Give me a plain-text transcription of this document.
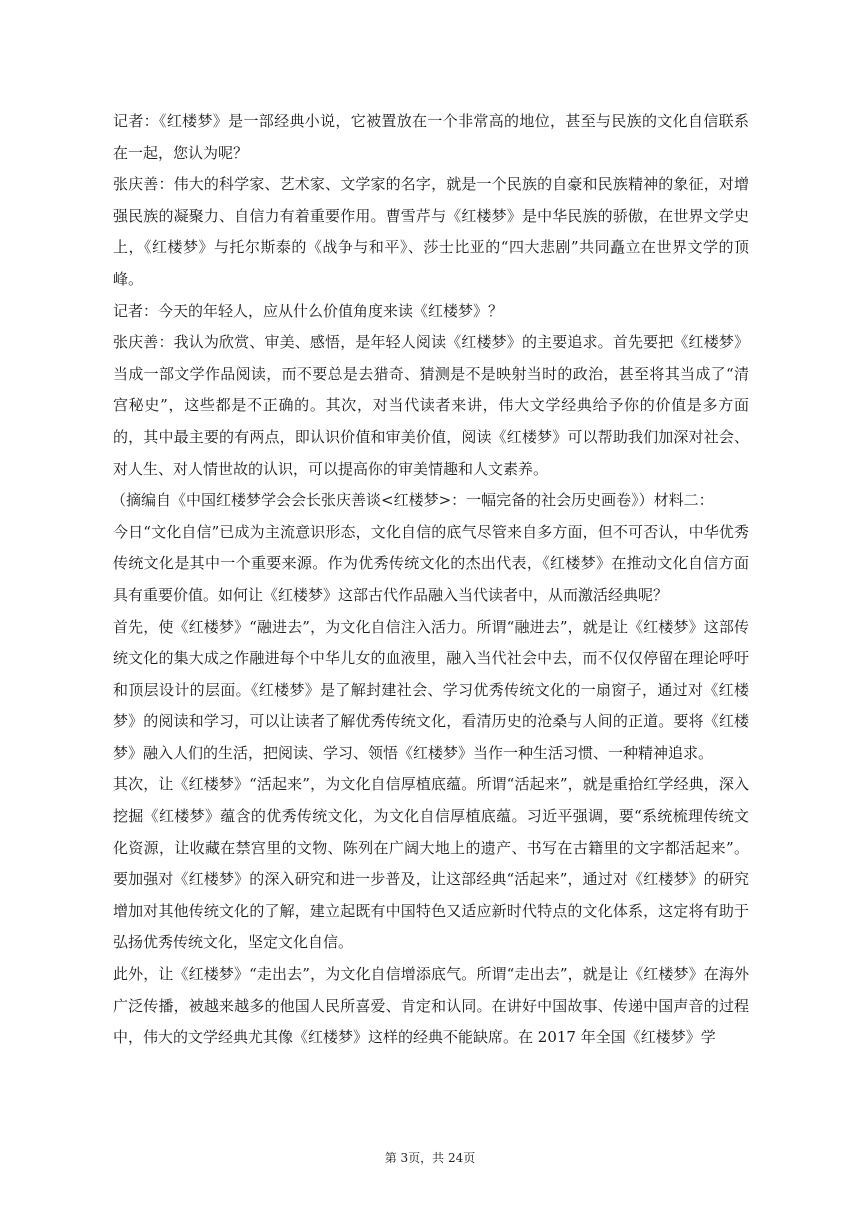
记者：《红楼梦》是一部经典小说，它被置放在一个非常高的地位，甚至与民族的文化自信联系在一起，您认为呢？

张庆善：伟大的科学家、艺术家、文学家的名字，就是一个民族的自豪和民族精神的象征，对增强民族的凝聚力、自信力有着重要作用。曹雪芹与《红楼梦》是中华民族的骄傲，在世界文学史上，《红楼梦》与托尔斯泰的《战争与和平》、莎士比亚的“四大悲剧”共同矗立在世界文学的顶峰。

记者：今天的年轻人，应从什么价值角度来读《红楼梦》？

张庆善：我认为欣赏、审美、感悟，是年轻人阅读《红楼梦》的主要追求。首先要把《红楼梦》当成一部文学作品阅读，而不要总是去猎奇、猜测是不是映射当时的政治，甚至将其当成了“清宫秘史”，这些都是不正确的。其次，对当代读者来讲，伟大文学经典给予你的价值是多方面的，其中最主要的有两点，即认识价值和审美价值，阅读《红楼梦》可以帮助我们加深对社会、对人生、对人情世故的认识，可以提高你的审美情趣和人文素养。

（摘编自《中国红楼梦学会会长张庆善谈<红楼梦>：一幅完备的社会历史画卷》）材料二：

今日“文化自信”已成为主流意识形态，文化自信的底气尽管来自多方面，但不可否认，中华优秀传统文化是其中一个重要来源。作为优秀传统文化的杰出代表，《红楼梦》在推动文化自信方面具有重要价值。如何让《红楼梦》这部古代作品融入当代读者中，从而激活经典呢？

首先，使《红楼梦》“融进去”，为文化自信注入活力。所谓“融进去”，就是让《红楼梦》这部传统文化的集大成之作融进每个中华儿女的血液里，融入当代社会中去，而不仅仅停留在理论呼吁和顶层设计的层面。《红楼梦》是了解封建社会、学习优秀传统文化的一扇窗子，通过对《红楼梦》的阅读和学习，可以让读者了解优秀传统文化，看清历史的沧桑与人间的正道。要将《红楼梦》融入人们的生活，把阅读、学习、领悟《红楼梦》当作一种生活习惯、一种精神追求。

其次，让《红楼梦》“活起来”，为文化自信厚植底蕴。所谓“活起来”，就是重拾红学经典，深入挖掘《红楼梦》蕴含的优秀传统文化，为文化自信厚植底蕴。习近平强调，要“系统梳理传统文化资源，让收藏在禁宫里的文物、陈列在广阔大地上的遗产、书写在古籍里的文字都活起来”。要加强对《红楼梦》的深入研究和进一步普及，让这部经典“活起来”，通过对《红楼梦》的研究增加对其他传统文化的了解，建立起既有中国特色又适应新时代特点的文化体系，这定将有助于弘扬优秀传统文化，坚定文化自信。

此外，让《红楼梦》“走出去”，为文化自信增添底气。所谓“走出去”，就是让《红楼梦》在海外广泛传播，被越来越多的他国人民所喜爱、肯定和认同。在讲好中国故事、传递中国声音的过程中，伟大的文学经典尤其像《红楼梦》这样的经典不能缺席。在 2017 年全国《红楼梦》学

第 3页，共 24页
